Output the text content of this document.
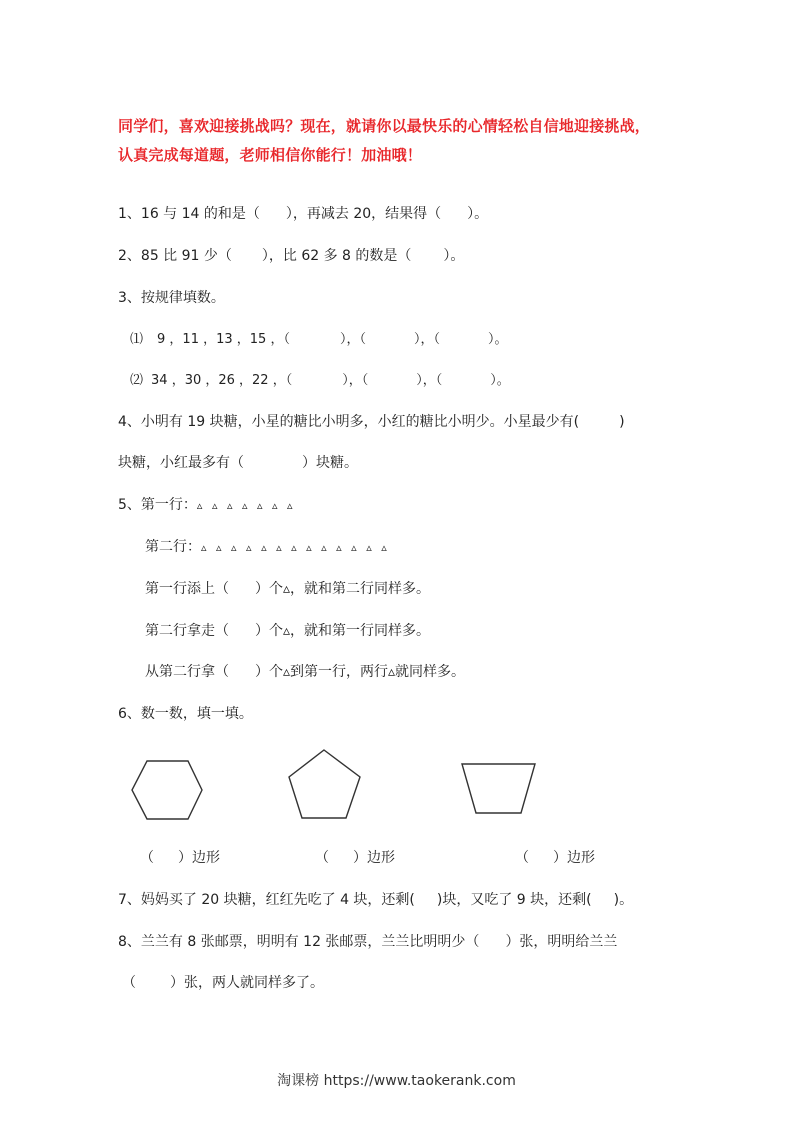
同学们，喜欢迎接挑战吗？现在，就请你以最快乐的心情轻松自信地迎接挑战，
认真完成每道题，老师相信你能行！加油哦！
1、16 与 14 的和是（ ），再减去 20，结果得（ ）。
2、85 比 91 少（ ），比 62 多 8 的数是（ ）。
3、按规律填数。
⑴ 9 ，11 ，13 ，15 ，（	），（	），（	）。
⑵ 34 ，30 ，26 ，22 ，（	），（	），（	）。
4、小明有 19 块糖，小星的糖比小明多，小红的糖比小明少。小星最少有(	)
块糖，小红最多有（	）块糖。
5、第一行：▵ ▵ ▵ ▵ ▵ ▵ ▵
第二行：▵ ▵ ▵ ▵ ▵ ▵ ▵ ▵ ▵ ▵ ▵ ▵ ▵
第一行添上（ ）个▵，就和第二行同样多。
第二行拿走（ ）个▵，就和第一行同样多。
从第二行拿（ ）个▵到第一行，两行▵就同样多。
6、数一数，填一填。
（ ）边形	（ ）边形	（ ）边形
7、妈妈买了 20 块糖，红红先吃了 4 块，还剩( )块，又吃了 9 块，还剩( )。
8、兰兰有 8 张邮票，明明有 12 张邮票，兰兰比明明少（ ）张，明明给兰兰
（ ）张，两人就同样多了。
淘课榜 https://www.taokerank.com
